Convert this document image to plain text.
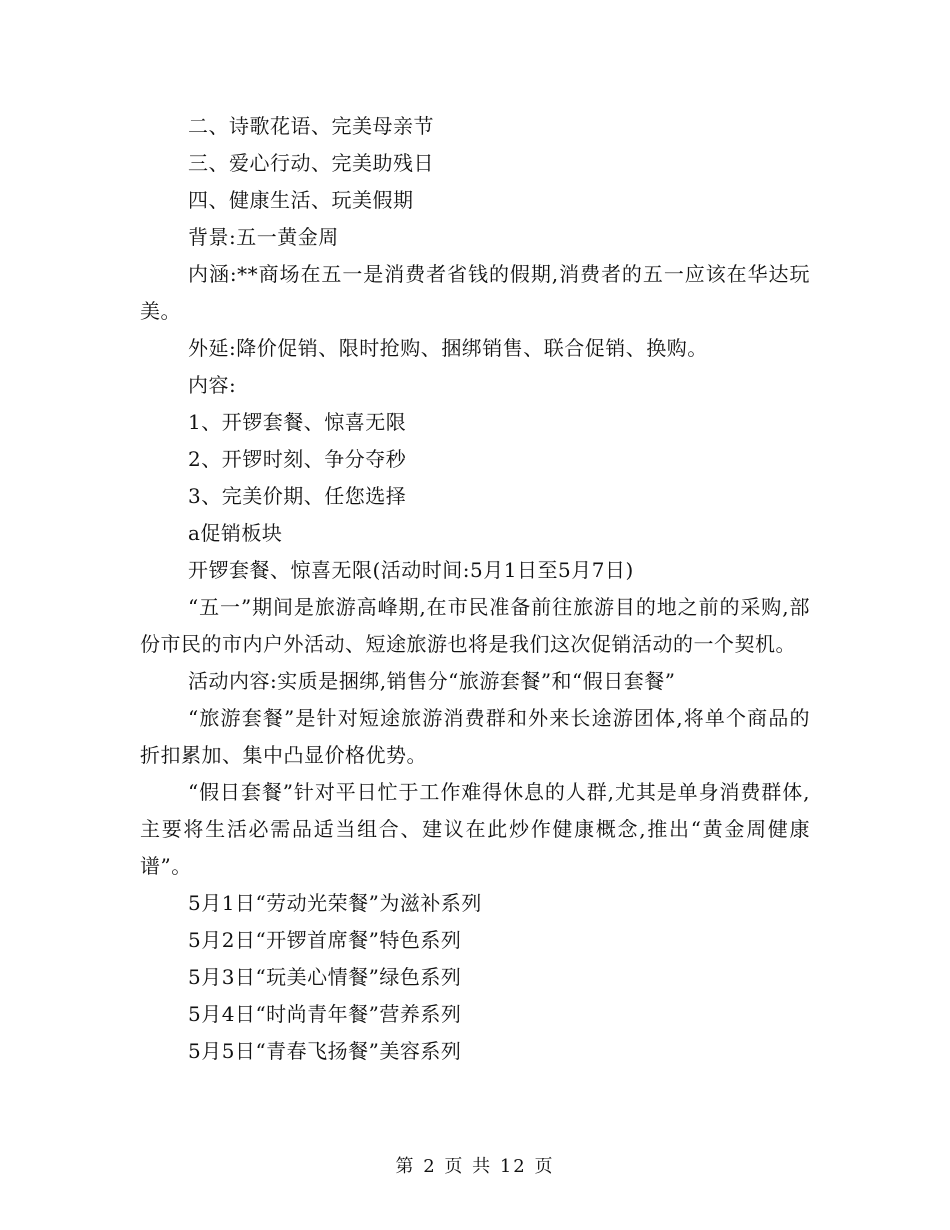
二、诗歌花语、完美母亲节

三、爱心行动、完美助残日

四、健康生活、玩美假期

背景:五一黄金周

内涵:**商场在五一是消费者省钱的假期,消费者的五一应该在华达玩美。

外延:降价促销、限时抢购、捆绑销售、联合促销、换购。

内容:

1、开锣套餐、惊喜无限

2、开锣时刻、争分夺秒

3、完美价期、任您选择

a促销板块

开锣套餐、惊喜无限(活动时间:5月1日至5月7日)

“五一”期间是旅游高峰期,在市民准备前往旅游目的地之前的采购,部份市民的市内户外活动、短途旅游也将是我们这次促销活动的一个契机。

活动内容:实质是捆绑,销售分“旅游套餐”和“假日套餐”

“旅游套餐”是针对短途旅游消费群和外来长途游团体,将单个商品的折扣累加、集中凸显价格优势。

“假日套餐”针对平日忙于工作难得休息的人群,尤其是单身消费群体,主要将生活必需品适当组合、建议在此炒作健康概念,推出“黄金周健康谱”。

5月1日“劳动光荣餐”为滋补系列

5月2日“开锣首席餐”特色系列

5月3日“玩美心情餐”绿色系列

5月4日“时尚青年餐”营养系列

5月5日“青春飞扬餐”美容系列

第 2 页 共 12 页
